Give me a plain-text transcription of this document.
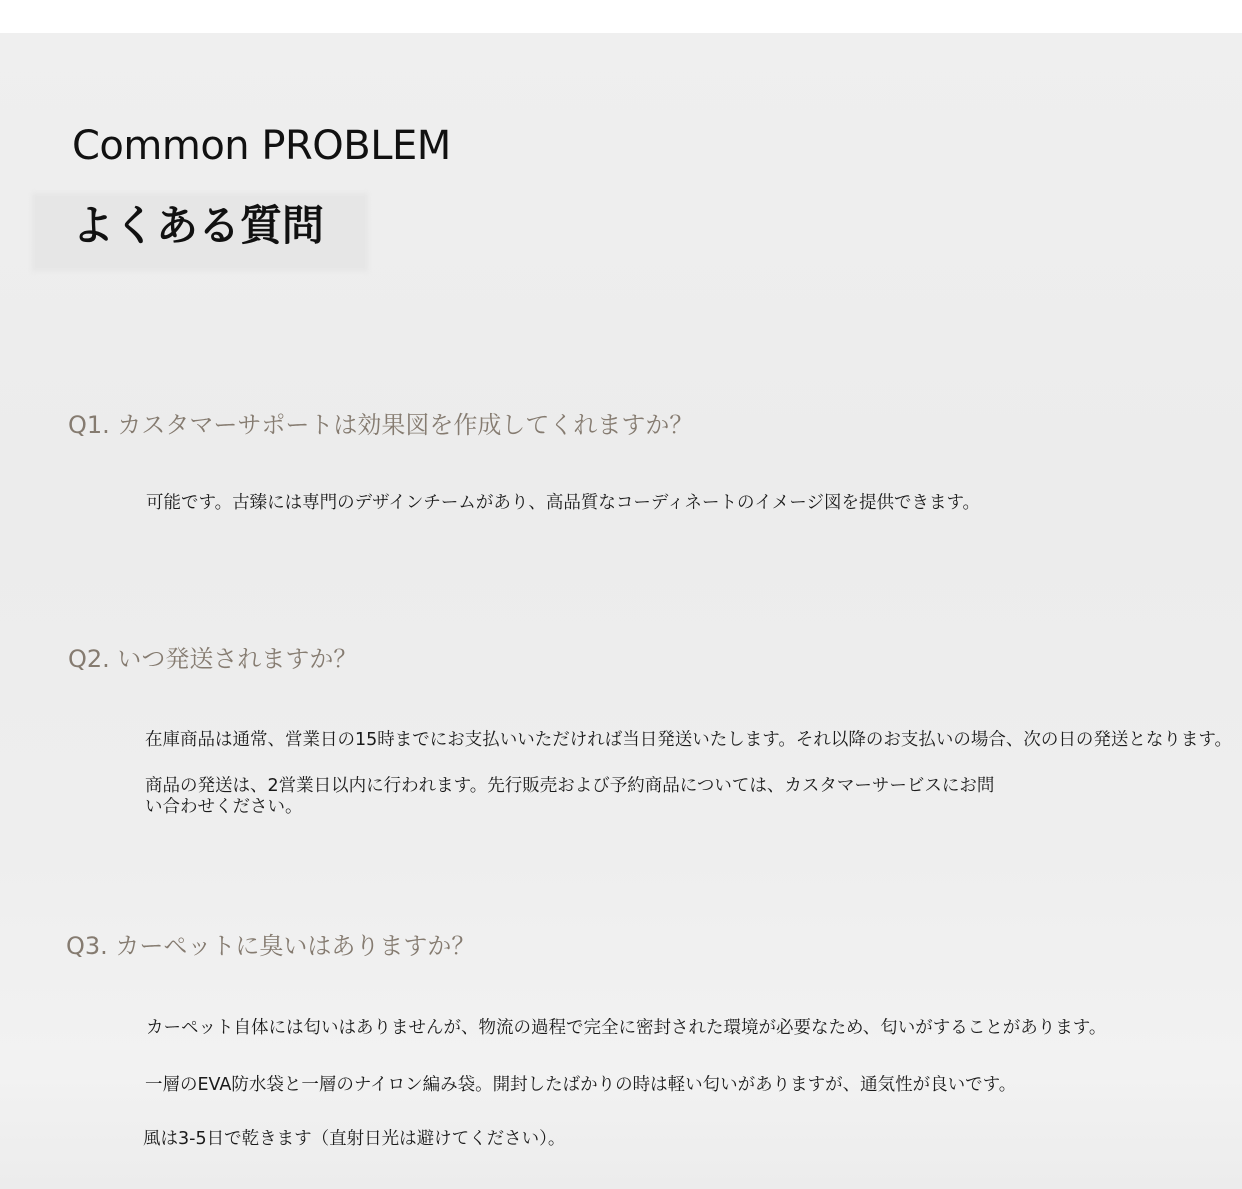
Common PROBLEM
よくある質問
Q1. カスタマーサポートは効果図を作成してくれますか？
可能です。古臻には専門のデザインチームがあり、高品質なコーディネートのイメージ図を提供できます。
Q2. いつ発送されますか？
在庫商品は通常、営業日の15時までにお支払いいただければ当日発送いたします。それ以降のお支払いの場合、次の日の発送となります。
商品の発送は、2営業日以内に行われます。先行販売および予約商品については、カスタマーサービスにお問い合わせください。
Q3. カーペットに臭いはありますか？
カーペット自体には匂いはありませんが、物流の過程で完全に密封された環境が必要なため、匂いがすることがあります。
一層のEVA防水袋と一層のナイロン編み袋。開封したばかりの時は軽い匂いがありますが、通気性が良いです。
風は3-5日で乾きます（直射日光は避けてください）。
